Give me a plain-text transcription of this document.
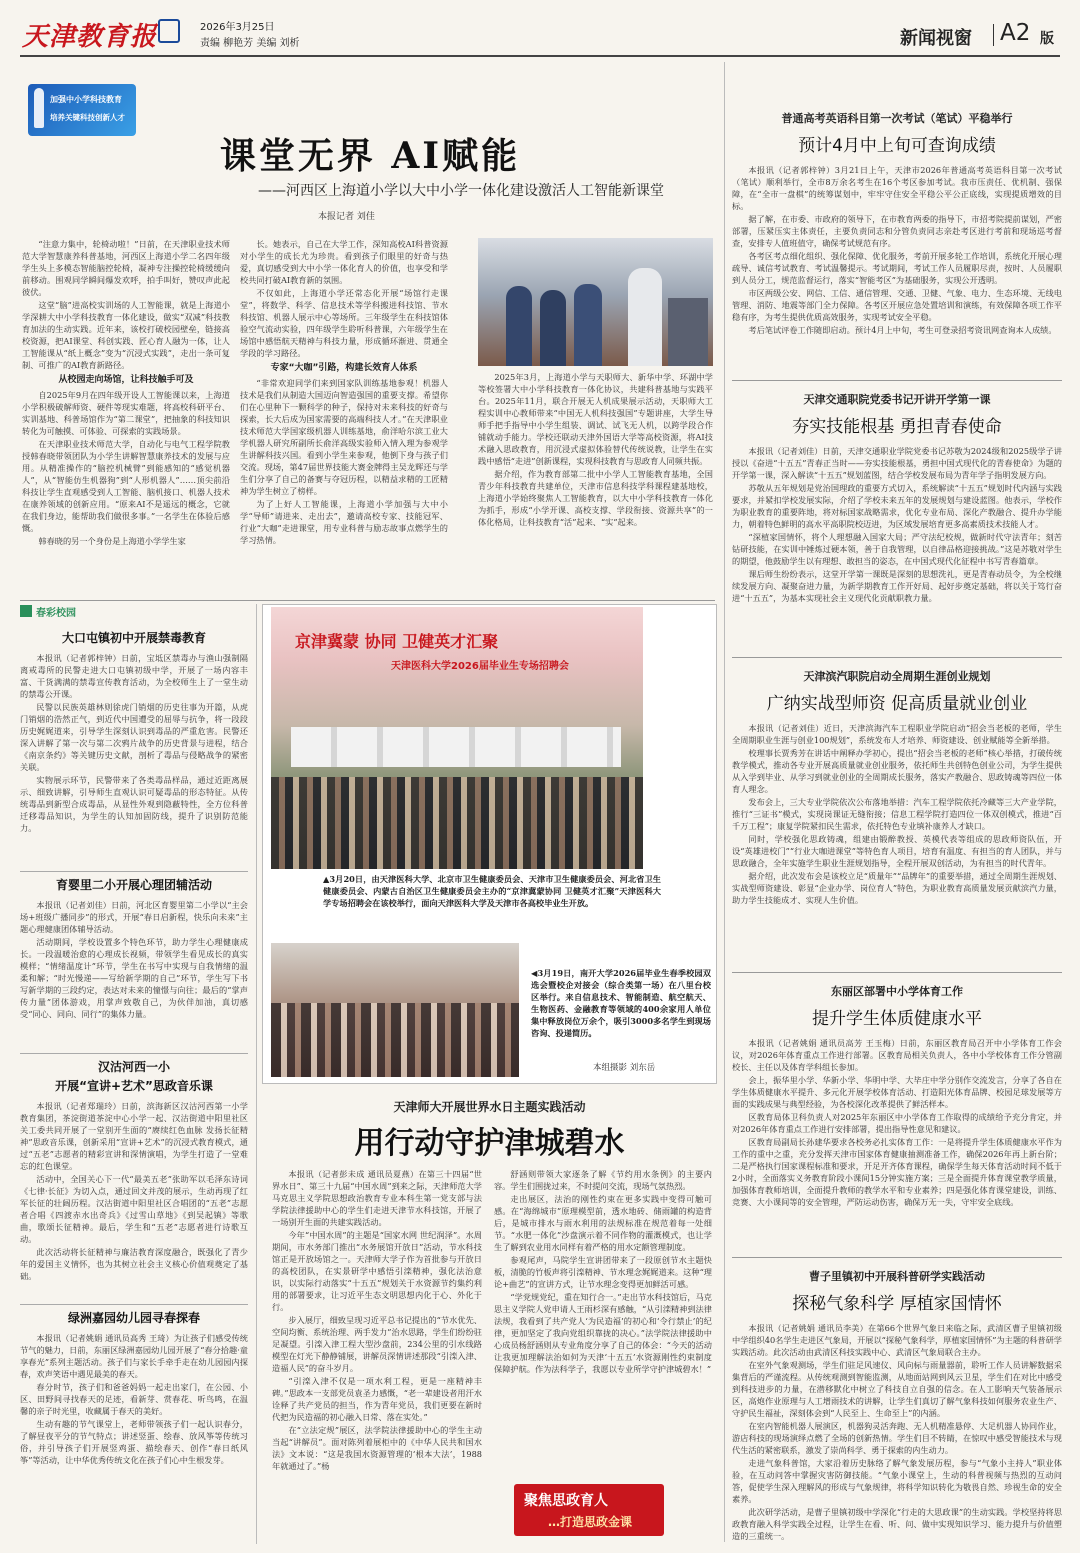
天津教育报	2026年3月25日
责编 柳艳芳 美编 刘析	新闻视窗 A2 版
加强中小学科技教育
培养关键科技创新人才
课堂无界 AI赋能
——河西区上海道小学以大中小学一体化建设激活人工智能新课堂
本报记者 刘佳

“注意力集中，轮椅动啦！”日前，在天津职业技术师范大学智慧康养科普基地，河西区上海道小学二名四年级学生头上多模态智能脑控轮椅，凝神专注操控轮椅缓缓向前移动。围观同学瞬间爆发欢呼，拍手叫好，赞叹声此起彼伏。

这堂“脑”进高校实训场的人工智能课，就是上海道小学深耕大中小学科技教育一体化建设，做实“双减”科技教育加法的生动实践。近年来，该校打破校园壁垒，链接高校资源，把AI课堂、科创实践、匠心育人融为一体，让人工智能课从“纸上概念”变为“沉浸式实践”，走出一条可复制、可推广的AI教育新路径。

从校园走向场馆，让科技触手可及

自2025年9月在四年级开设人工智能课以来，上海道小学积极破解师资、硬件等现实难题，将高校科研平台、实训基地、科普场馆作为“第二课堂”，把抽象的科技知识转化为可触摸、可体验、可探索的实践场景。

在天津职业技术师范大学，自动化与电气工程学院教授韩春晓带领团队为小学生讲解智慧康养技术的发展与应用。从精准操作的“脑控机械臂”到能感知的“感觉机器人”，从“智能仿生机器狗”到“人形机器人”……顶尖前沿科技让学生直观感受到人工智能、脑机接口、机器人技术在康养领域的创新应用。“原来AI不是遥远的概念，它就在我们身边，能帮助我们做很多事。”一名学生在体验后感慨。

韩春晓的另一个身份是上海道小学学生家

长。她表示，自己在大学工作，深知高校AI科普资源对小学生的成长尤为珍贵。看到孩子们眼里的好奇与热爱，真切感受到大中小学一体化育人的价值，也享受和学校共同打破AI教育新的氛围。

不仅如此，上海道小学还常态化开展“场馆行走课堂”，将数学、科学、信息技术等学科搬进科技馆、节水科技馆、机器人展示中心等场所。三年级学生在科技馆体验空气流动实验，四年级学生聆听科普课，六年级学生在场馆中感悟航天精神与科技力量，形成循环渐进、贯通全学段的学习路径。

专家“大咖”引路，构建长效育人体系

“非常欢迎同学们来到国家队训练基地参观！机器人技术是我们从制造大国迈向智造强国的重要支撑。希望你们在心里种下一颗科学的种子，保持对未来科技的好奇与探索，长大后成为国家需要的高端科技人才。”在天津职业技术师范大学国家级机器人训练基地，俞洋哈尔滨工业大学机器人研究所副所长俞洋高级实验师入情入理为参观学生讲解科技兴国。看到小学生来参观，他倒下身与孩子们交流。现场，第47届世界技能大赛金牌得主吴龙辉还与学生们分享了自己的备赛与夺冠历程，以精益求精的工匠精神为学生树立了榜样。

为了上好人工智能课，上海道小学加强与大中小学“导师”请进来、走出去”，邀请高校专家、技能冠军、行业“大咖”走进课堂，用专业科普与励志故事点燃学生的学习热情。

2025年3月，上海道小学与天职师大、新华中学、环湖中学等校签署大中小学科技教育一体化协议，共建科普基地与实践平台。2025年11月，联合开展无人机成果展示活动，天职师大工程实训中心教师带来“中国无人机科技强国”专题讲座，大学生导师手把手指导中小学生组装、调试、试飞无人机，以跨学段合作铺就动手能力。学校还联动天津外国语大学等高校资源，将AI技术融入思政教育，用沉浸式虚拟体验替代传统说教，让学生在实践中感悟“走进”创新课程，实现科技教育与思政育人同频共振。

据介绍，作为教育部第二批中小学人工智能教育基地，全国青少年科技教育共建单位，天津市信息科技学科课程建基地校，上海道小学始终聚焦人工智能教育，以大中小学科技教育一体化为抓手，形成“小学开课、高校支撑、学段衔接、资源共享”的一体化格局，让科技教育“活”起来、“实”起来。

春彩校园
大口屯镇初中开展禁毒教育

本报讯（记者郭梓钟）日前，宝坻区禁毒办与渔山强制隔离戒毒所的民警走进大口屯镇初级中学，开展了一场内容丰富、干货满满的禁毒宣传教育活动，为全校师生上了一堂生动的禁毒公开课。

民警以民族英雄林则徐虎门销烟的历史往事为开篇，从虎门销烟的浩然正气，到近代中国遭受的屈辱与抗争，将一段段历史娓娓道来，引导学生深刻认识到毒品的严重危害。民警还深入讲解了第一次与第二次鸦片战争的历史背景与进程，结合《南京条约》等关键历史文献，剖析了毒品与侵略战争的紧密关联。

实物展示环节，民警带来了各类毒品样品，通过近距离展示、细致讲解，引导师生直观认识可疑毒品的形态特征。从传统毒品到新型合成毒品，从显性外观到隐蔽特性，全方位科普迁移毒品知识，为学生的认知加固防线，提升了识别防范能力。

育婴里二小开展心理团辅活动

本报讯（记者刘佳）日前，河北区育婴里第二小学以“主会场+班级广播同步”的形式，开展“春日启新程，快乐向未来”主题心理健康团体辅导活动。

活动期间，学校设置多个特色环节，助力学生心理健康成长。一段温暖治愈的心理成长视频，带领学生看见成长的真实模样；“情绪温度计”环节，学生在书写中实现与自我情绪的温柔和解；“时光慢递——写给新学期的自己”环节，学生写下书写新学期的三段约定，表达对未来的憧憬与向往；最后的“掌声传力量”团体游戏，用掌声致敬自己，为伙伴加油，真切感受“同心、同向、同行”的集体力量。

汉沽河西一小
开展“宣讲+艺术”思政音乐课

本报讯（记者郑瑞玲）日前，滨海新区汉沽河西第一小学教育集团，茶淀街道茶淀中心小学一起、汉沽街道中阳里社区关工委共同开展了一堂别开生面的“赓续红色血脉 发扬长征精神”思政音乐课，创新采用“宣讲+艺术”的沉浸式教育模式，通过“五老”志愿者的精彩宣讲和深情演唱，为学生打造了一堂难忘的红色课堂。

活动中，全国关心下一代“最美五老”张助军以毛泽东诗词《七律·长征》为切入点，通过回文并茂的展示，生动再现了红军长征的壮阔历程。汉沽街道中阳里社区合唱团的“五老”志愿者合唱《四渡赤水出奇兵》《过雪山草地》《到吴起镇》等歌曲，歌颂长征精神。最后，学生和“五老”志愿者进行诗歌互动。

此次活动将长征精神与廉洁教育深度融合，既强化了青少年的爱国主义情怀，也为其树立社会主义核心价值观奠定了基础。

绿洲嘉园幼儿园寻春探春

本报讯（记者姚娟 通讯员高秀 王琦）为让孩子们感受传统节气的魅力，日前，东丽区绿洲嘉园幼儿园开展了“春分拾趣·童享春光”系列主题活动。孩子们与家长手牵手走在幼儿园园内探春，欢声笑语中遇见最美的春天。

春分时节，孩子们和爸爸妈妈一起走出家门，在公园、小区、田野间寻找春天的足迹，看新芽、赏春花、听鸟鸣，在温馨的亲子时光里，收藏属于春天的美好。

生动有趣的节气课堂上，老师带领孩子们一起认识春分，了解昼夜平分的节气特点；讲述竖蛋、绘春、放风筝等传统习俗，并引导孩子们开展竖鸡蛋、描绘春天、创作“春日纸风筝”等活动，让中华优秀传统文化在孩子们心中生根发芽。

京津冀蒙 协同 卫健英才汇聚
天津医科大学2026届毕业生专场招聘会
▲3月20日，由天津医科大学、北京市卫生健康委员会、天津市卫生健康委员会、河北省卫生健康委员会、内蒙古自治区卫生健康委员会主办的“京津冀蒙协同 卫健英才汇聚”天津医科大学专场招聘会在该校举行，面向天津医科大学及天津市各高校毕业生开放。
◀3月19日，南开大学2026届毕业生春季校园双选会暨校企对接会（综合类第一场）在八里台校区举行。来自信息技术、智能制造、航空航天、生物医药、金融教育等领域的400余家用人单位集中释放岗位万余个，吸引3000多名学生到现场咨询、投递简历。
本组摄影 刘东岳
天津师大开展世界水日主题实践活动
用行动守护津城碧水

本报讯（记者彭未成 通讯员夏燕）在第三十四届“世界水日”、第三十九届“中国水周”到来之际，天津师范大学马克思主义学院思想政治教育专业本科生第一党支部与法学院法律援助中心的学生们走进天津节水科技馆，开展了一场别开生面的共建实践活动。

今年“中国水周”的主题是“国家水网 世纪润泽”。水周期间，市水务部门推出“水务展馆开放日”活动，节水科技馆正是开放场馆之一。天津师大学子作为首批参与开放日的高校团队，在实景研学中感悟引滦精神，强化法治意识，以实际行动落实“十五五”规划关于水资源节约集约利用的部署要求，让习近平生态文明思想内化于心、外化于行。

步入展厅，细致呈现习近平总书记提出的“节水优先、空间均衡、系统治理、两手发力”治水思路，学生们纷纷驻足凝望。引滦入津工程大型沙盘前，234公里的引水线路模型在灯光下静静铺展，讲解员深情讲述那段“引滦入津、造福人民”的奋斗岁月。

“引滦入津不仅是一项水利工程，更是一座精神丰碑。”思政本一支部党员袁圣力感慨，“老一辈建设者用汗水诠释了共产党员的担当，作为青年党员，我们更要在新时代把为民造福的初心融入日常、落在实处。”

在“立法定规”展区，法学院法律援助中心的学生主动当起“讲解员”。面对陈列着展柜中的《中华人民共和国水法》文本说：“这是我国水资源管理的‘根本大法’，1988年就通过了。”杨

舒涵则带领大家逐条了解《节约用水条例》的主要内容。学生们围拢过来，不时提问交流，现场气氛热烈。

走出展区，法治的刚性约束在更多实践中变得可触可感。在“海绵城市”原理模型前，透水地砖、储雨罐的构造背后，是城市排水与雨水利用的法规标准在规范着每一处细节。“水肥一体化”沙盘演示着不同作物的灌溉模式，也让学生了解到农业用水同样有着严格的用水定额管理制度。

参观尾声，马院学生宣讲团带来了一段原创节水主题快板，清脆的竹板声将引滦精神、节水理念娓娓道来。这种“理论+曲艺”的宣讲方式，让节水理念变得更加鲜活可感。

“学党规党纪，重在知行合一。”走出节水科技馆后，马克思主义学院人党申请人王雨杉深有感触，“从引滦精神到法律法规，我看到了共产党人‘为民造福’的初心和‘令行禁止’的纪律，更加坚定了我向党组织靠拢的决心。”法学院法律援助中心成员杨舒涵则从专业角度分享了自己的体会：“今天的活动让我更加理解法治如何为天津‘十五五’水资源刚性约束制度保障护航。作为法科学子，我愿以专业所学守护津城碧水！”

聚焦思政育人
…打造思政金课
普通高考英语科目第一次考试（笔试）平稳举行
预计4月中上旬可查询成绩

本报讯（记者郭梓钟）3月21日上午，天津市2026年普通高考英语科目第一次考试（笔试）顺利举行，全市8万余名考生在16个考区参加考试。我市压责任、优机制、强保障，在“全市一盘棋”的统筹谋划中，牢牢守住安全平稳公平公正底线，实现提质增效的目标。

据了解，在市委、市政府的领导下，在市教育两委的指导下，市招考院提前谋划，严密部署，压紧压实主体责任，主要负责同志和分管负责同志亲赴考区进行考前和现场巡考督查，安排专人值班值守，确保考试规范有序。

各考区考点细化组织、强化保障、优化服务，考前开展多轮工作培训，系统化开展心理疏导、诚信考试教育、考试温馨提示。考试期间，考试工作人员履职尽责，按时、人员履职到人员分工，规范监督运行，落实“智能考区”为基础服务，实现公开透明。

市区两级公安、网信、工信、通信管理、交通、卫健、气象、电力、生态环境、无线电管理、消防、地震等部门全力保障。各考区开展应急处置培训和演练，有效保障各项工作平稳有序，为考生提供优质高效服务，实现考试安全平稳。

考后笔试评卷工作随即启动。预计4月上中旬，考生可登录招考资讯网查询本人成绩。

天津交通职院党委书记开讲开学第一课
夯实技能根基 勇担青春使命

本报讯（记者刘佳）日前，天津交通职业学院党委书记苏敬为2024级和2025级学子讲授以《奋进“十五五”青春正当时——夯实技能根基，勇担中国式现代化的青春使命》为题的开学第一课，深入解读“十五五”规划蓝图，结合学校发展布局为青年学子指明发展方向。

苏敬从五年规划是党治国理政的重要方式切入，系统解读“十五五”规划时代内涵与实践要求，并紧扣学校发展实际，介绍了学校未来五年的发展规划与建设蓝图。他表示，学校作为职业教育的重要阵地，将对标国家战略需求，优化专业布局、深化产教融合、提升办学能力，朝着特色鲜明的高水平高职院校迈进，为区域发展培育更多高素质技术技能人才。

“深植家国情怀，将个人理想融入国家大局；严守法纪校规，做新时代守法青年；刻苦钻研技能，在实训中锤炼过硬本领，善于自我管理，以自律品格迎接挑战。”这是苏敬对学生的期望，他鼓励学生以有理想、敢担当的姿态，在中国式现代化征程中书写青春篇章。

课后师生纷纷表示，这堂开学第一课既是深刻的思想洗礼，更是青春动员令，为全校继续发展方向、凝聚奋进力量，为新学期教育工作开好局、起好步奠定基础，将以关于笃行奋进“十五五”，为基本实现社会主义现代化贡献职教力量。

天津滨汽职院启动全周期生涯创业规划
广纳实战型师资 促高质量就业创业

本报讯（记者刘佳）近日，天津滨海汽车工程职业学院启动“招会当老板的老师，学生全周期职业生涯与创业100规划”，系统发布人才培养、师资建设、创业赋能等全新举措。

校理事长贾秀芳在讲话中阐释办学初心，提出“招会当老板的老师”核心举措，打破传统教学模式，推动各专业开展高质量就业创业服务，依托师生共创特色创业公司，为学生提供从入学到毕业、从学习到就业创业的全周期成长服务，落实产教融合、思政铸魂等四位一体育人理念。

发布会上，三大专业学院依次公布落地举措：汽车工程学院依托冷藏等三大产业学院，推行“三证书”模式，实现岗课证无缝衔接；信息工程学院打造四位一体双创模式，推进“百千万工程”；康复学院紧扣民生需求，依托特色专业填补康养人才缺口。

同时，学校强化思政铸魂，组建由锻醉教授、英模代表等组成的思政师资队伍，开设“英雄进校门”“行业大咖进课堂”等特色育人项目，培育有温度、有担当的育人团队，并与思政融合，全年实施学生职业生涯规划指导，全程开展双创活动，为有担当的时代青年。

据介绍，此次发布会是该校立足“质量年”“品牌年”的重要举措，通过全周期生涯规划、实战型师资建设、彰显“企业办学、岗位育人”特色，为职业教育高质量发展贡献滨汽力量，助力学生技能成才、实现人生价值。

东丽区部署中小学体育工作
提升学生体质健康水平

本报讯（记者姚娟 通讯员高芳 王玉梅）日前，东丽区教育局召开中小学体育工作会议，对2026年体育重点工作进行部署。区教育局相关负责人，各中小学校体育工作分管副校长、主任以及体育学科组长参加。

会上，振华里小学、华新小学、华明中学、大毕庄中学分别作交流发言，分享了各自在学生体质健康水平提升、多元化开展学校体育活动、打造阳光体育品牌、校园足球发展等方面的实践成果与典型经验，为各校深化改革提供了鲜活样本。

区教育局体卫科负责人对2025年东丽区中小学体育工作取得的成绩给予充分肯定，并对2026年体育重点工作进行安排部署，提出指导性意见和建议。

区教育局副局长孙建华要求各校务必扎实体育工作：一是将提升学生体质健康水平作为工作的重中之重，充分发挥天津市国家体育健康抽测准备工作，确保2026年再上新台阶；二是严格执行国家课程标准和要求，开足开齐体育课程，确保学生每天体育活动时间不低于2小时，全面落实义务教育阶段小课间15分钟实施方案；三是全面提升体育课堂教学质量，加强体育教师培训，全面提升教师的教学水平和专业素养；四是强化体育课堂建设，训练、竞赛、大小课间等的安全管理，严防运动伤害，确保万无一失，守牢安全底线。

曹子里镇初中开展科普研学实践活动
探秘气象科学 厚植家国情怀

本报讯（记者姚娟 通讯员李美）在第66个世界气象日来临之际，武清区曹子里镇初级中学组织40名学生走进区气象局，开展以“探秘气象科学，厚植家国情怀”为主题的科普研学实践活动。此次活动由武清区科技实践中心、武清区气象局联合主办。

在室外气象观测场，学生们驻足风速仪、风向标与雨量器前，聆听工作人员讲解数据采集背后的严谨流程。从传统观测到智能监测，从地面站网到风云卫星，学生们在对比中感受到科技进步的力量，在潜移默化中树立了科技自立自强的信念。在人工影响天气装备展示区，高炮作业原理与人工增雨技术的讲解，让学生们真切了解气象科技如何服务农业生产、守护民生福祉，深刻体会到“人民至上、生命至上”的内涵。

在室内智能机器人展演区，机器狗灵活奔跑、无人机精准悬停、大足机器人协同作业，游店科技的现场演绎点燃了全场的创新热情。学生们目不转睛，在惊叹中感受智能技术与现代生活的紧密联系，激发了崇尚科学、勇于探索的内生动力。

走进气象科普馆，大家沿着历史脉络了解气象发展历程，参与“气象小主持人”职业体验，在互动问答中掌握灾害防御技能。“气象小课堂上，生动的科普视频与热烈的互动问答，促使学生深入理解风的形成与气象规律，将科学知识转化为敬畏自然、珍视生命的安全素养。

此次研学活动，是曹子里镇初级中学深化“行走的大思政课”的生动实践。学校坚持将思政教育融入科学实践全过程，让学生在看、听、问、做中实现知识学习、能力提升与价值塑造的三重统一。
